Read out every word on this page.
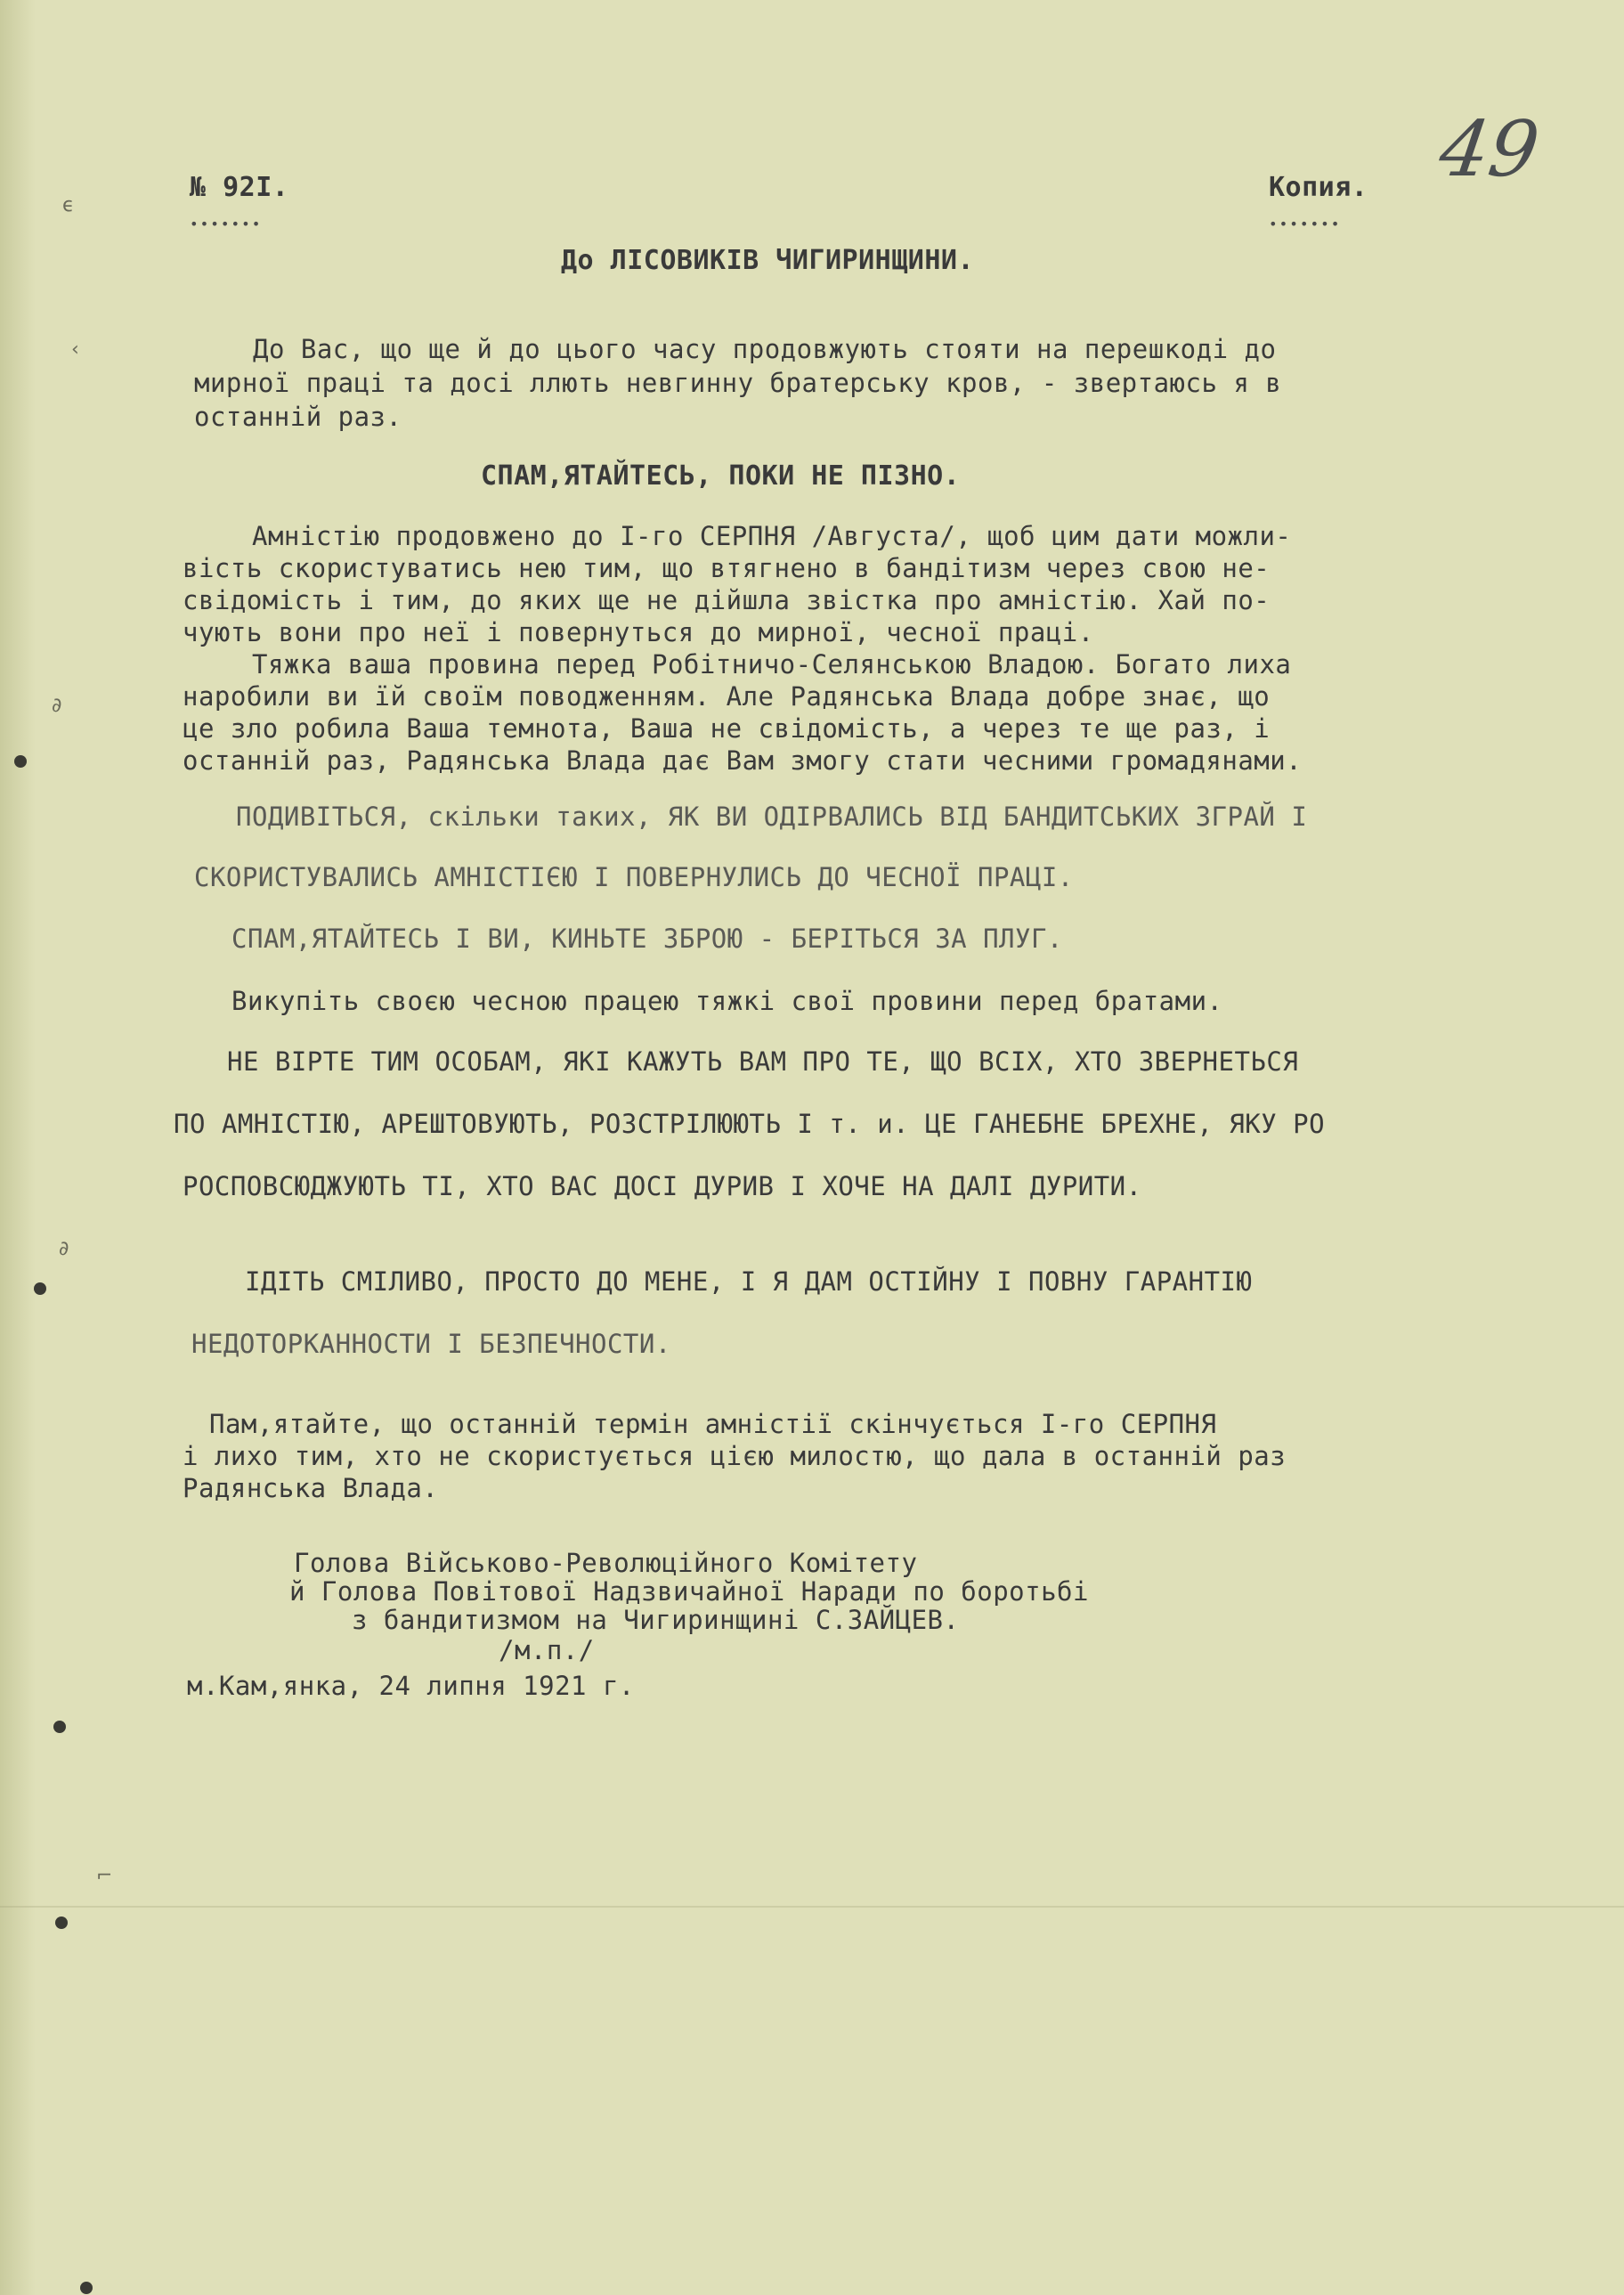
ϵ
‹
∂
∂
⌐

№ 92I.

•••••••

Копия.

•••••••
49

До ЛІСОВИКІВ ЧИГИРИНЩИНИ.

До Вас, що ще й до цього часу продовжують стояти на перешкоді до
мирної праці та досі ллють невгинну братерську кров, - звертаюсь я в
останній раз.

СПАМ,ЯТАЙТЕСЬ, ПОКИ НЕ ПІЗНО.

Амністію продовжено до I-го СЕРПНЯ /Августа/, щоб цим дати можли-
вість скористуватись нею тим, що втягнено в бандітизм через свою не-
свідомість і тим, до яких ще не дійшла звістка про амністію. Хай по-
чують вони про неї і повернуться до мирної, чесної праці.
Тяжка ваша провина перед Робітничо-Селянською Владою. Богато лиха
наробили ви їй своїм поводженням. Але Радянська Влада добре знає, що
це зло робила Ваша темнота, Ваша не свідомість, а через те ще раз, і
останній раз, Радянська Влада дає Вам змогу стати чесними громадянами.

ПОДИВІТЬСЯ, скільки таких, ЯК ВИ ОДІРВАЛИСЬ ВІД БАНДИТСЬКИХ ЗГРАЙ І

СКОРИСТУВАЛИСЬ АМНІСТІЄЮ І ПОВЕРНУЛИСЬ ДО ЧЕСНОЇ ПРАЦІ.

СПАМ,ЯТАЙТЕСЬ І ВИ, КИНЬТЕ ЗБРОЮ - БЕРІТЬСЯ ЗА ПЛУГ.

Викупіть своєю чесною працею тяжкі свої провини перед братами.

НЕ ВІРТЕ ТИМ ОСОБАМ, ЯКІ КАЖУТЬ ВАМ ПРО ТЕ, ЩО ВСІХ, ХТО ЗВЕРНЕТЬСЯ

ПО АМНІСТІЮ, АРЕШТОВУЮТЬ, РОЗСТРІЛЮЮТЬ І т. и. ЦЕ ГАНЕБНЕ БРЕХНЕ, ЯКУ РО

РОСПОВСЮДЖУЮТЬ ТІ, ХТО ВАС ДОСІ ДУРИВ І ХОЧЕ НА ДАЛІ ДУРИТИ.

ІДІТЬ СМІЛИВО, ПРОСТО ДО МЕНЕ, І Я ДАМ ОСТІЙНУ І ПОВНУ ГАРАНТІЮ

НЕДОТОРКАННОСТИ І БЕЗПЕЧНОСТИ.

Пам,ятайте, що останній термін амністії скінчується I-го СЕРПНЯ
і лихо тим, хто не скористується цією милостю, що дала в останній раз
Радянська Влада.

Голова Військово-Революційного Комітету

й Голова Повітової Надзвичайної Наради по боротьбі

з бандитизмом на Чигиринщині С.ЗАЙЦЕВ.

/м.п./

м.Кам,янка, 24 липня 1921 г.
